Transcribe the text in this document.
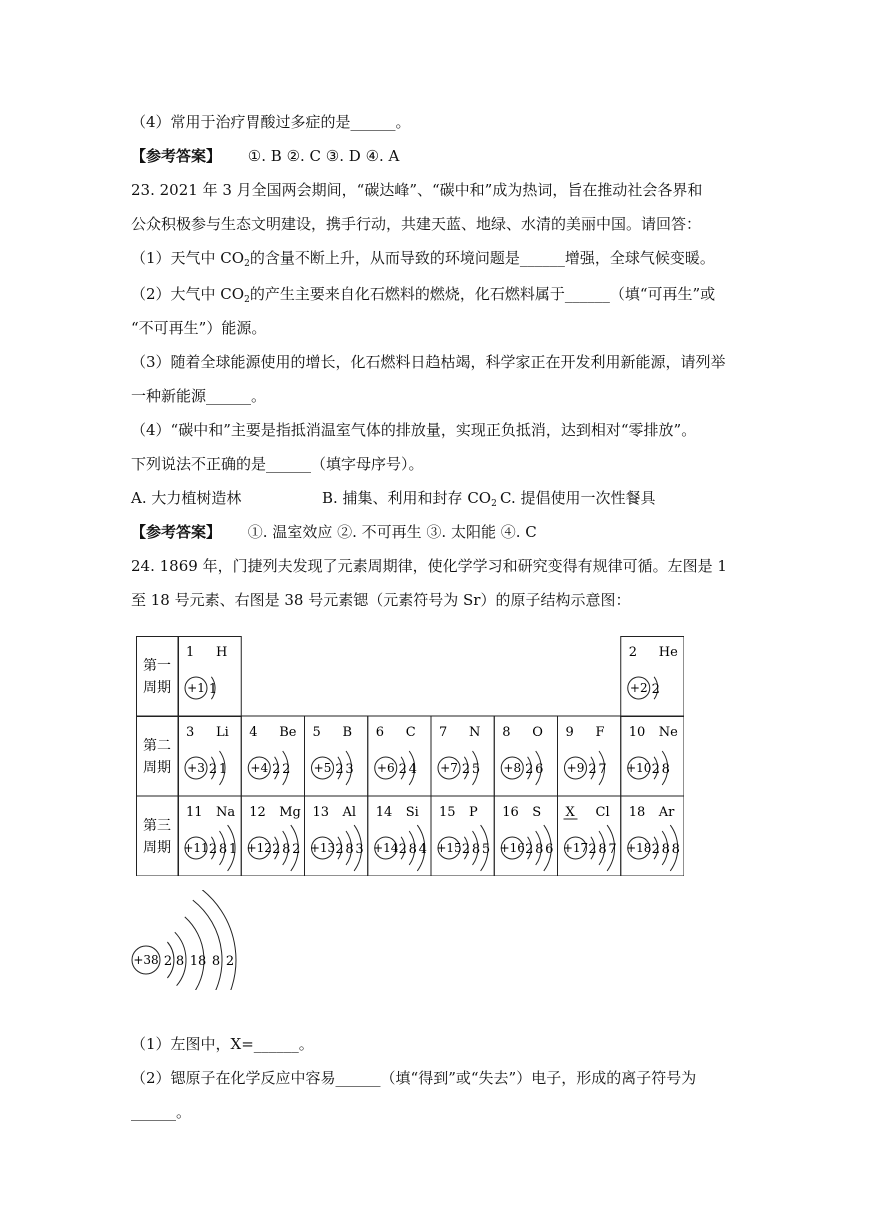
（4）常用于治疗胃酸过多症的是______。
【参考答案】 ①. B ②. C ③. D ④. A
23. 2021 年 3 月全国两会期间，“碳达峰”、“碳中和”成为热词，旨在推动社会各界和
公众积极参与生态文明建设，携手行动，共建天蓝、地绿、水清的美丽中国。请回答：
（1）天气中 $CO_2$的含量不断上升，从而导致的环境问题是______增强，全球气候变暖。
（2）大气中 $CO_2$的产生主要来自化石燃料的燃烧，化石燃料属于______（填“可再生”或
“不可再生”）能源。
（3）随着全球能源使用的增长，化石燃料日趋枯竭，科学家正在开发利用新能源，请列举
一种新能源______。
（4）“碳中和”主要是指抵消温室气体的排放量，实现正负抵消，达到相对“零排放”。
下列说法不正确的是______（填字母序号）。
A. 大力植树造林	B. 捕集、利用和封存 $CO_2$ C. 提倡使用一次性餐具
【参考答案】 ①. 温室效应 ②. 不可再生 ③. 太阳能 ④. C
24. 1869 年，门捷列夫发现了元素周期律，使化学学习和研究变得有规律可循。左图是 1
至 18 号元素、右图是 38 号元素锶（元素符号为 Sr）的原子结构示意图：
第一
周期
第二
周期
第三
周期
1 H
+1 1
2 He
+2 2
3 Li
+3 2 1
4 Be
+4 2 2
5 B
+5 2 3
6 C
+6 2 4
7 N
+7 2 5
8 O
+8 2 6
9 F
+9 2 7
10 Ne
+10 2 8
11 Na
+11 2 8 1
12 Mg
+12 2 8 2
13 Al
+13 2 8 3
14 Si
+14 2 8 4
15 P
+15 2 8 5
16 S
+16 2 8 6
X Cl
+17 2 8 7
18 Ar
+18 2 8 8
+38 2 8 18 8 2
（1）左图中，X=______。
（2）锶原子在化学反应中容易______（填“得到”或“失去”）电子，形成的离子符号为
______。
